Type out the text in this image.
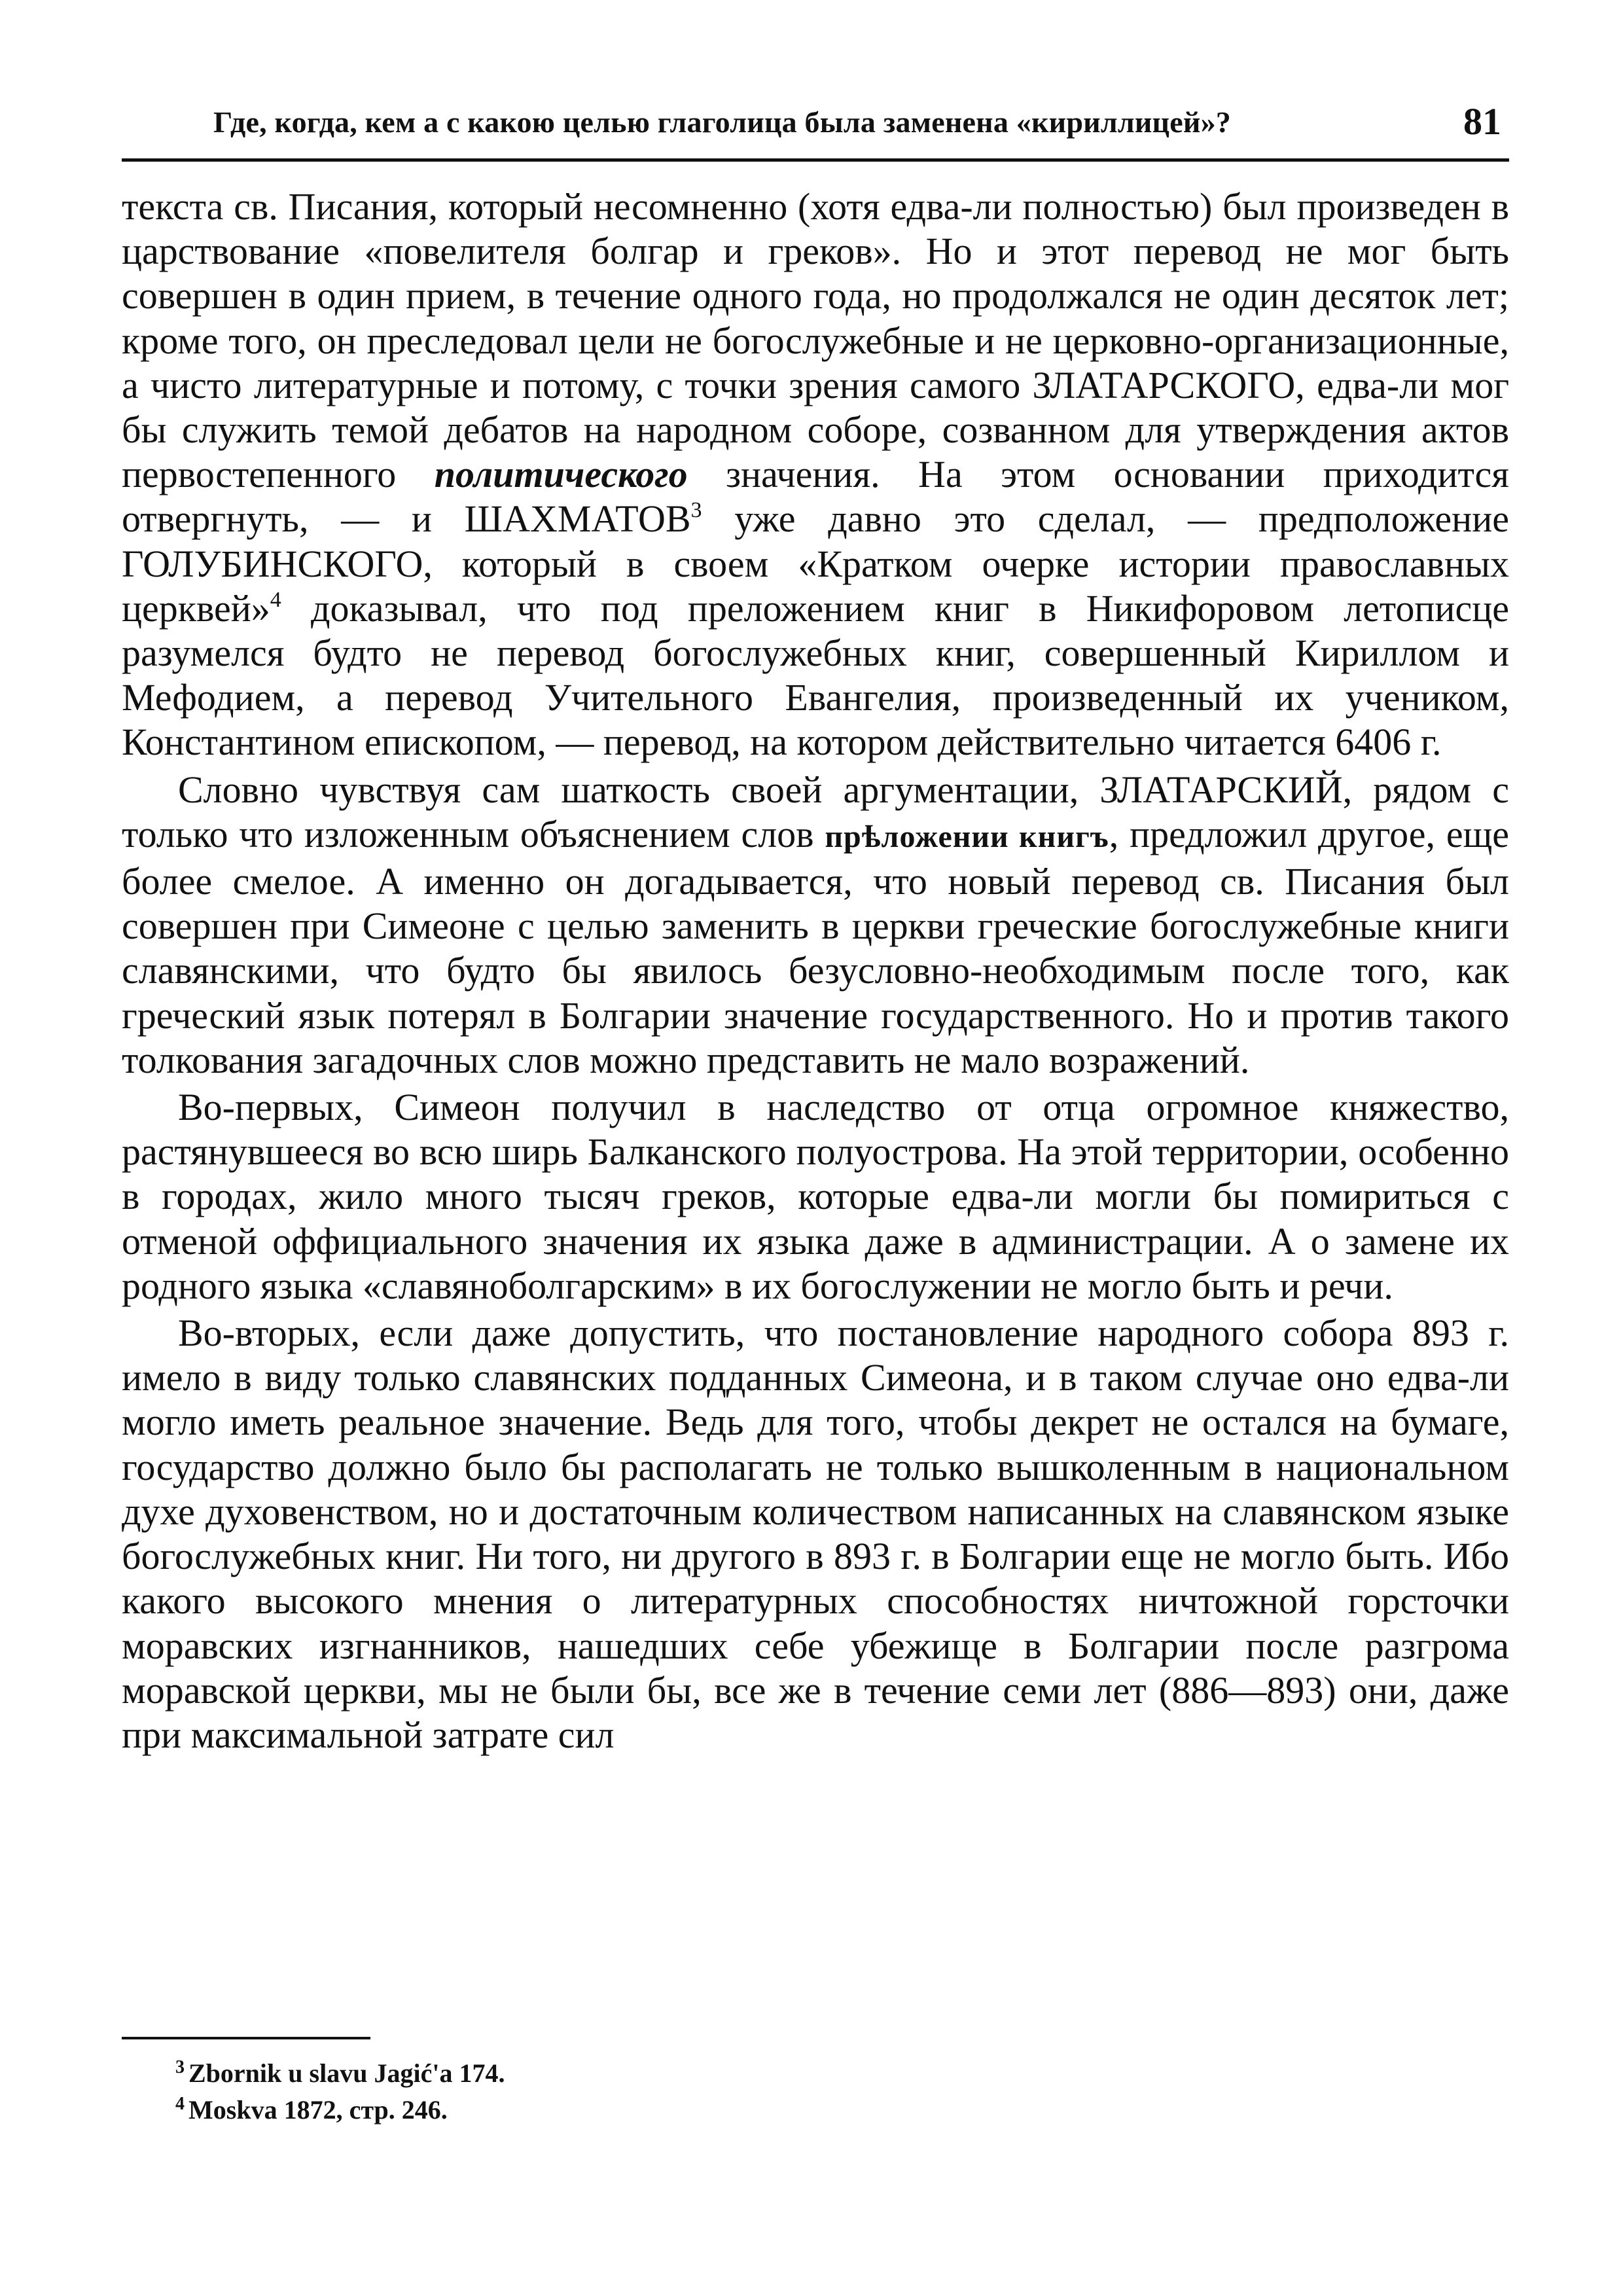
Где, когда, кем а с какою целью глаголица была заменена «кириллицей»?	81

текста св. Писания, который несомненно (хотя едва-ли полностью) был произведен в царствование «повелителя болгар и греков». Но и этот перевод не мог быть совершен в один прием, в течение одного года, но продолжался не один десяток лет; кроме того, он преследовал цели не богослужебные и не церковно-организационные, а чисто литературные и потому, с точки зрения самого ЗЛАТАРСКОГО, едва-ли мог бы служить темой дебатов на народном соборе, созванном для утверждения актов первостепенного политического значения. На этом основании приходится отвергнуть, — и ШАХМАТОВ$^3$ уже давно это сделал, — предположение ГОЛУБИНСКОГО, который в своем «Кратком очерке истории православных церквей»$^4$ доказывал, что под преложением книг в Никифоровом летописце разумелся будто не перевод богослужебных книг, совершенный Кириллом и Мефодием, а перевод Учительного Евангелия, произведенный их учеником, Константином епископом, — перевод, на котором действительно читается 6406 г.

Словно чувствуя сам шаткость своей аргументации, ЗЛАТАРСКИЙ, рядом с только что изложенным объяснением слов прѣложении книгъ, предложил другое, еще более смелое. А именно он догадывается, что новый перевод св. Писания был совершен при Симеоне с целью заменить в церкви греческие богослужебные книги славянскими, что будто бы явилось безусловно-необходимым после того, как греческий язык потерял в Болгарии значение государственного. Но и против такого толкования загадочных слов можно представить не мало возражений.

Во-первых, Симеон получил в наследство от отца огромное княжество, растянувшееся во всю ширь Балканского полуострова. На этой территории, особенно в городах, жило много тысяч греков, которые едва-ли могли бы помириться с отменой оффициального значения их языка даже в администрации. А о замене их родного языка «славяноболгарским» в их богослужении не могло быть и речи.

Во-вторых, если даже допустить, что постановление народного собора 893 г. имело в виду только славянских подданных Симеона, и в таком случае оно едва-ли могло иметь реальное значение. Ведь для того, чтобы декрет не остался на бумаге, государство должно было бы располагать не только вышколенным в национальном духе духовенством, но и достаточным количеством написанных на славянском языке богослужебных книг. Ни того, ни другого в 893 г. в Болгарии еще не могло быть. Ибо какого высокого мнения о литературных способностях ничтожной горсточки моравских изгнанников, нашедших себе убежище в Болгарии после разгрома моравской церкви, мы не были бы, все же в течение семи лет (886—893) они, даже при максимальной затрате сил

$^3$ Zbornik u slavu Jagić'a 174.

$^4$ Moskva 1872, стр. 246.
